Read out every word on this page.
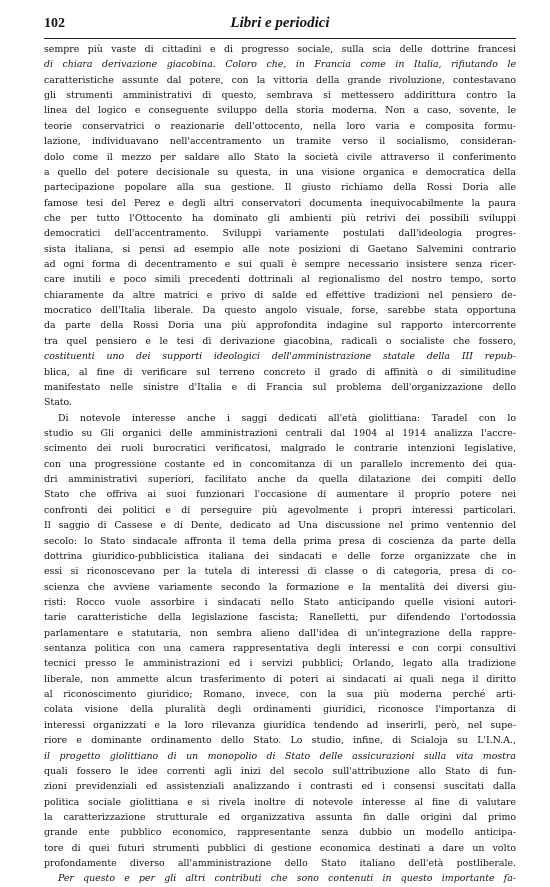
102	Libri e periodici
sempre più vaste di cittadini e di progresso sociale, sulla scia delle dottrine francesi
di chiara derivazione giacobina. Coloro che, in Francia come in Italia, rifiutando le
caratteristiche assunte dal potere, con la vittoria della grande rivoluzione, contestavano
gli strumenti amministrativi di questo, sembrava si mettessero addirittura contro la
linea del logico e conseguente sviluppo della storia moderna. Non a caso, sovente, le
teorie conservatrici o reazionarie dell'ottocento, nella loro varia e composita formu-
lazione, individuavano nell'accentramento un tramite verso il socialismo, consideran-
dolo come il mezzo per saldare allo Stato la società civile attraverso il conferimento
a quello del potere decisionale su questa, in una visione organica e democratica della
partecipazione popolare alla sua gestione. Il giusto richiamo della Rossi Doria alle
famose tesi del Perez e degli altri conservatori documenta inequivocabilmente la paura
che per tutto l'Ottocento ha dominato gli ambienti più retrivi dei possibili sviluppi
democratici dell'accentramento. Sviluppi variamente postulati dall'ideologia progres-
sista italiana, si pensi ad esempio alle note posizioni di Gaetano Salvemini contrario
ad ogni forma di decentramento e sui quali è sempre necessario insistere senza ricer-
care inutili e poco simili precedenti dottrinali al regionalismo del nostro tempo, sorto
chiaramente da altre matrici e privo di salde ed effettive tradizioni nel pensiero de-
mocratico dell'Italia liberale. Da questo angolo visuale, forse, sarebbe stata opportuna
da parte della Rossi Doria una più approfondita indagine sul rapporto intercorrente
tra quel pensiero e le tesi di derivazione giacobina, radicali o socialiste che fossero,
costituenti uno dei supporti ideologici dell'amministrazione statale della III repub-
blica, al fine di verificare sul terreno concreto il grado di affinità o di similitudine
manifestato nelle sinistre d'Italia e di Francia sul problema dell'organizzazione dello
Stato.
Di notevole interesse anche i saggi dedicati all'età giolittiana: Taradel con lo
studio su Gli organici delle amministrazioni centrali dal 1904 al 1914 analizza l'accre-
scimento dei ruoli burocratici verificatosi, malgrado le contrarie intenzioni legislative,
con una progressione costante ed in concomitanza di un parallelo incremento dei qua-
dri amministrativi superiori, facilitato anche da quella dilatazione dei compiti dello
Stato che offriva ai suoi funzionari l'occasione di aumentare il proprio potere nei
confronti dei politici e di perseguire più agevolmente i propri interessi particolari.
Il saggio di Cassese e di Dente, dedicato ad Una discussione nel primo ventennio del
secolo: lo Stato sindacale affronta il tema della prima presa di coscienza da parte della
dottrina giuridico-pubblicistica italiana dei sindacati e delle forze organizzate che in
essi si riconoscevano per la tutela di interessi di classe o di categoria, presa di co-
scienza che avviene variamente secondo la formazione e la mentalità dei diversi giu-
risti: Rocco vuole assorbire i sindacati nello Stato anticipando quelle visioni autori-
tarie caratteristiche della legislazione fascista; Ranelletti, pur difendendo l'ortodossia
parlamentare e statutaria, non sembra alieno dall'idea di un'integrazione della rappre-
sentanza politica con una camera rappresentativa degli interessi e con corpi consultivi
tecnici presso le amministrazioni ed i servizi pubblici; Orlando, legato alla tradizione
liberale, non ammette alcun trasferimento di poteri ai sindacati ai quali nega il diritto
al riconoscimento giuridico; Romano, invece, con la sua più moderna perché arti-
colata visione della pluralità degli ordinamenti giuridici, riconosce l'importanza di
interessi organizzati e la loro rilevanza giuridica tendendo ad inserirli, però, nel supe-
riore e dominante ordinamento dello Stato. Lo studio, infine, di Scialoja su L'I.N.A.,
il progetto giolittiano di un monopolio di Stato delle assicurazioni sulla vita mostra
quali fossero le idee correnti agli inizi del secolo sull'attribuzione allo Stato di fun-
zioni previdenziali ed assistenziali analizzando i contrasti ed i consensi suscitati dalla
politica sociale giolittiana e si rivela inoltre di notevole interesse al fine di valutare
la caratterizzazione strutturale ed organizzativa assunta fin dalle origini dal primo
grande ente pubblico economico, rappresentante senza dubbio un modello anticipa-
tore di quei futuri strumenti pubblici di gestione economica destinati a dare un volto
profondamente diverso all'amministrazione dello Stato italiano dell'età postliberale.
Per questo e per gli altri contributi che sono contenuti in questo importante fa-
